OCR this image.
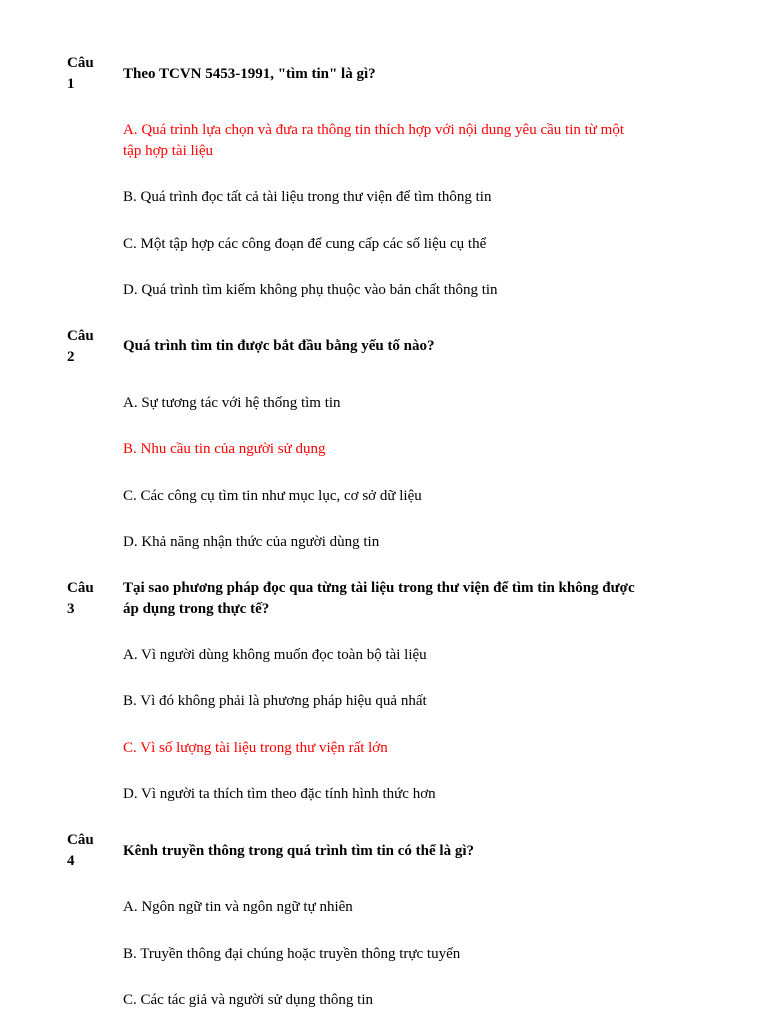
Câu
1
Theo TCVN 5453-1991, "tìm tin" là gì?
A. Quá trình lựa chọn và đưa ra thông tin thích hợp với nội dung yêu cầu tin từ một tập hợp tài liệu
B. Quá trình đọc tất cả tài liệu trong thư viện để tìm thông tin
C. Một tập hợp các công đoạn để cung cấp các số liệu cụ thể
D. Quá trình tìm kiếm không phụ thuộc vào bản chất thông tin
Câu
2
Quá trình tìm tin được bắt đầu bằng yếu tố nào?
A. Sự tương tác với hệ thống tìm tin
B. Nhu cầu tin của người sử dụng
C. Các công cụ tìm tin như mục lục, cơ sở dữ liệu
D. Khả năng nhận thức của người dùng tin
Câu
3
Tại sao phương pháp đọc qua từng tài liệu trong thư viện để tìm tin không được áp dụng trong thực tế?
A. Vì người dùng không muốn đọc toàn bộ tài liệu
B. Vì đó không phải là phương pháp hiệu quả nhất
C. Vì số lượng tài liệu trong thư viện rất lớn
D. Vì người ta thích tìm theo đặc tính hình thức hơn
Câu
4
Kênh truyền thông trong quá trình tìm tin có thể là gì?
A. Ngôn ngữ tin và ngôn ngữ tự nhiên
B. Truyền thông đại chúng hoặc truyền thông trực tuyến
C. Các tác giả và người sử dụng thông tin
